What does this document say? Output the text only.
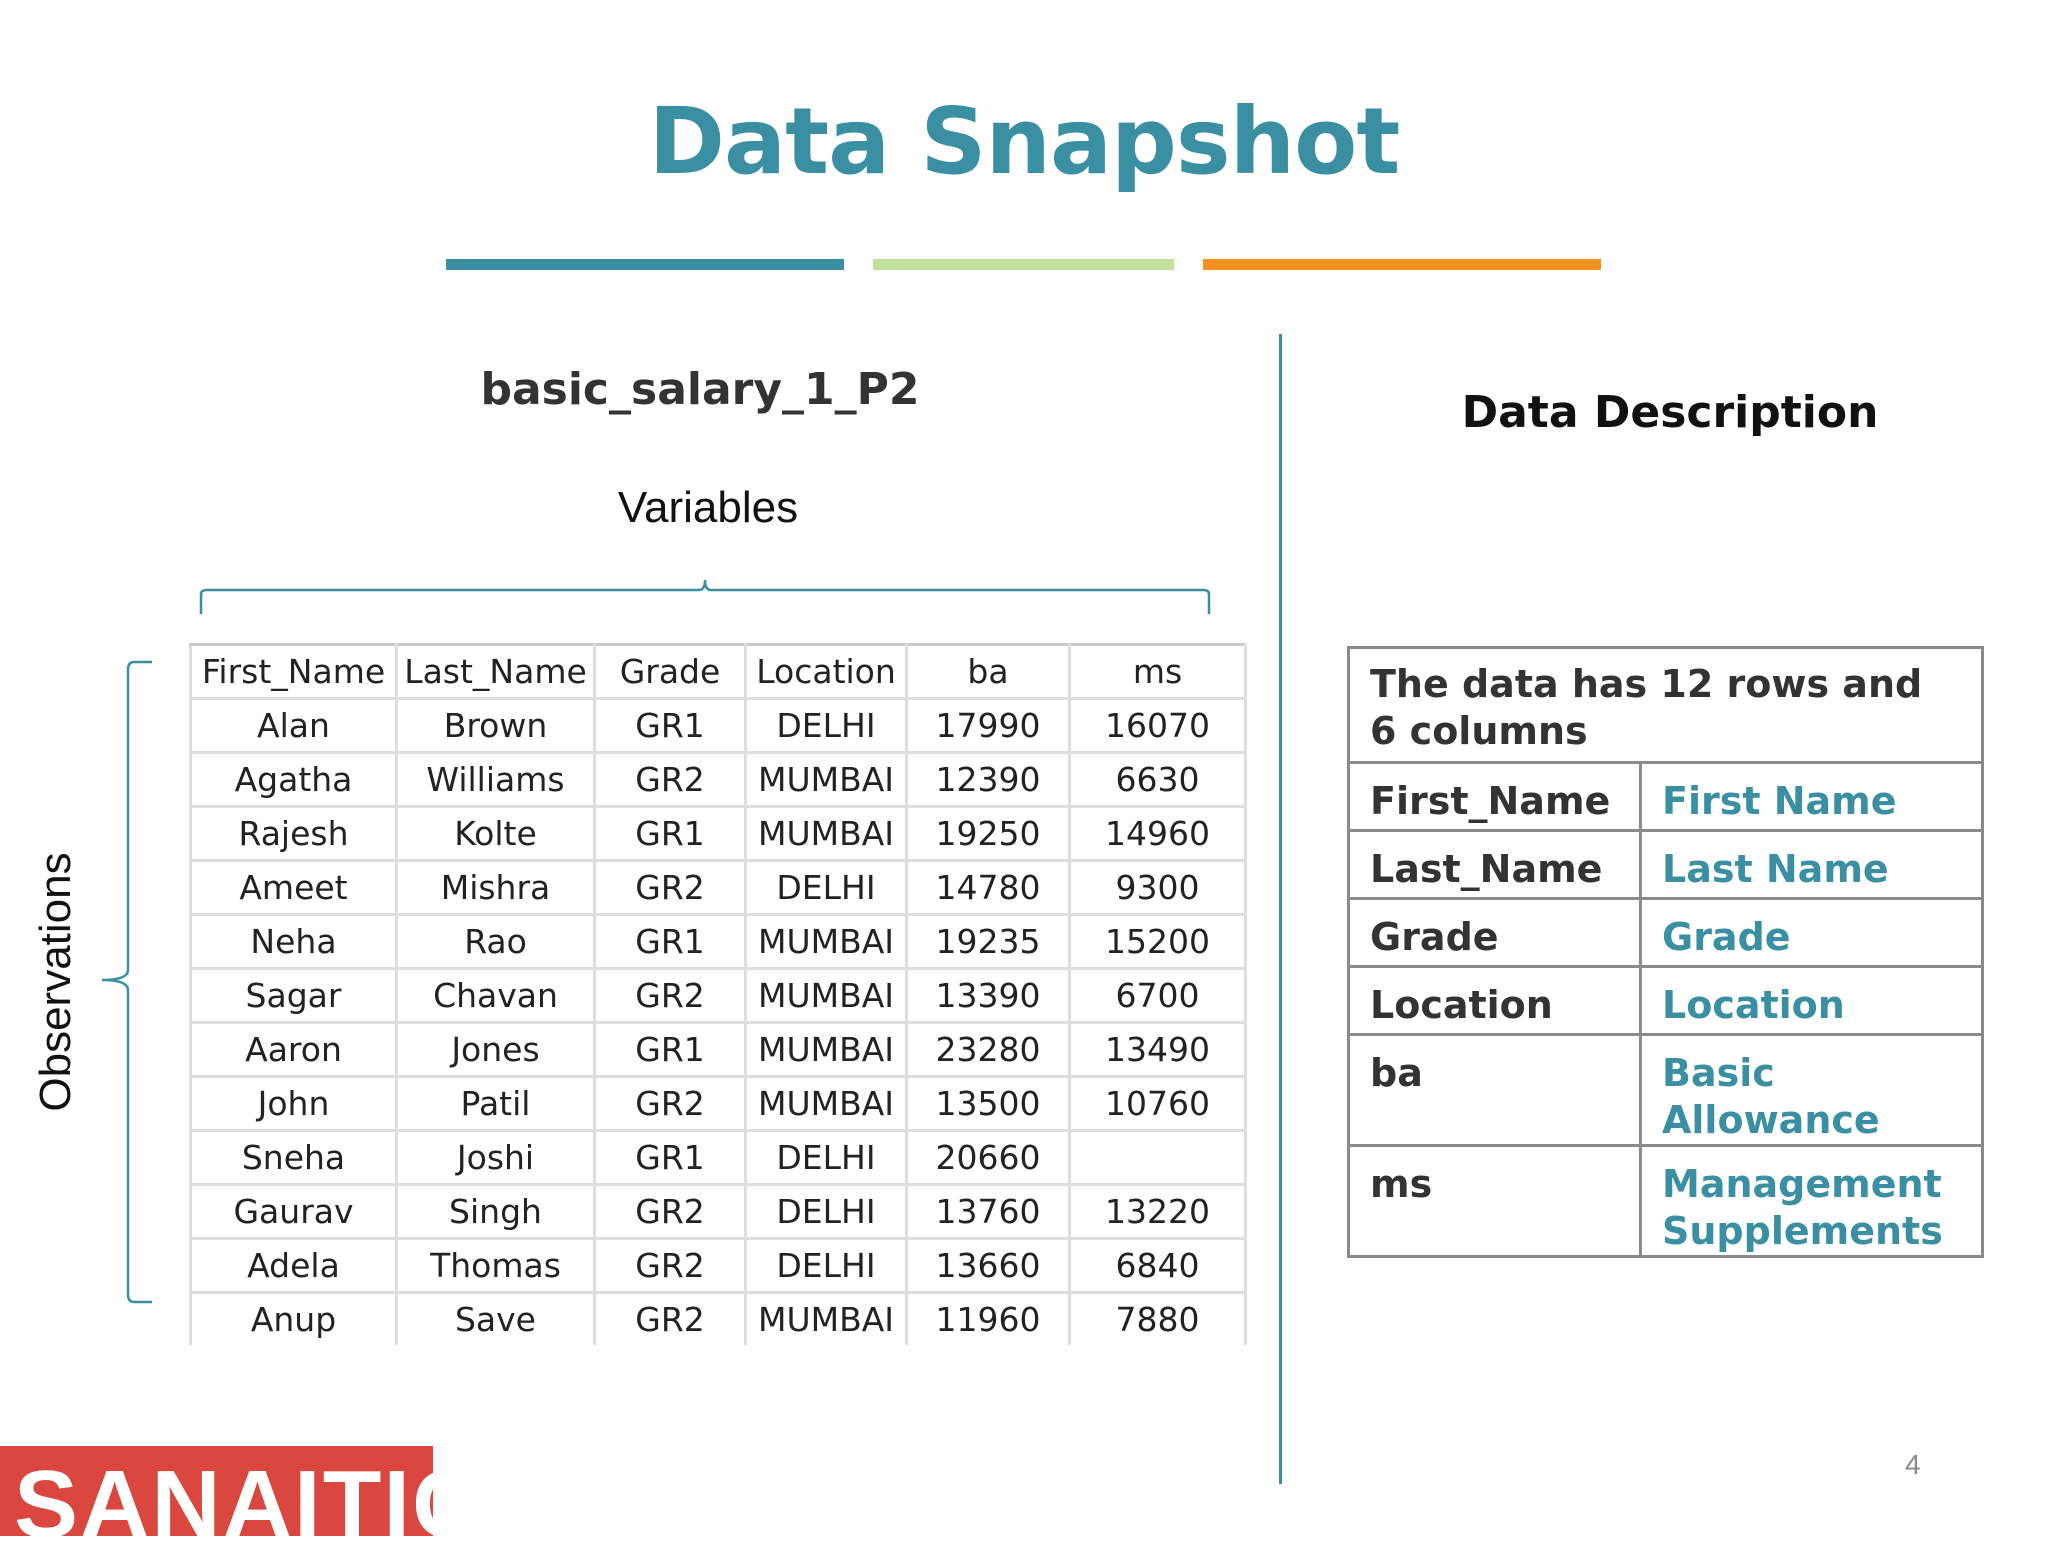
Data Snapshot
basic_salary_1_P2
Variables
Observations
First_Name	Last_Name	Grade	Location	ba	ms
Alan	Brown	GR1	DELHI	17990	16070
Agatha	Williams	GR2	MUMBAI	12390	6630
Rajesh	Kolte	GR1	MUMBAI	19250	14960
Ameet	Mishra	GR2	DELHI	14780	9300
Neha	Rao	GR1	MUMBAI	19235	15200
Sagar	Chavan	GR2	MUMBAI	13390	6700
Aaron	Jones	GR1	MUMBAI	23280	13490
John	Patil	GR2	MUMBAI	13500	10760
Sneha	Joshi	GR1	DELHI	20660	
Gaurav	Singh	GR2	DELHI	13760	13220
Adela	Thomas	GR2	DELHI	13660	6840
Anup	Save	GR2	MUMBAI	11960	7880
Data Description
The data has 12 rows and 6 columns	
First_Name	First Name
Last_Name	Last Name
Grade	Grade
Location	Location
ba	Basic Allowance
ms	Management Supplements
SANAITICS	4
